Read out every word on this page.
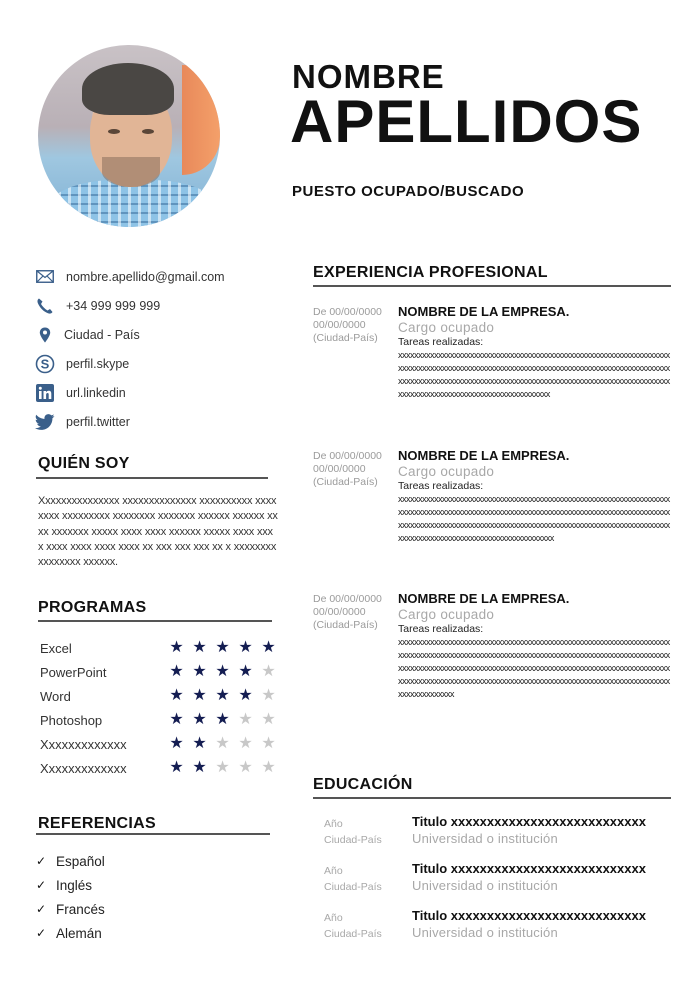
NOMBRE
APELLIDOS
PUESTO OCUPADO/BUSCADO
nombre.apellido@gmail.com
+34 999 999 999
Ciudad - País
S perfil.skype
url.linkedin
perfil.twitter
QUIÉN SOY
Xxxxxxxxxxxxxxx xxxxxxxxxxxxxx xxxxxxxxxx xxxxxxxx xxxxxxxxx xxxxxxxx xxxxxxx xxxxxx xxxxxx xxxx xxxxxxx xxxxx xxxx xxxx xxxxxx xxxxx xxxx xxxx xxxx xxxx xxxx xxxx xx xxx xxx xxx xx x xxxxxxxxxxxxxxxx xxxxxx.
PROGRAMAS
Excel	★ ★ ★ ★ ★
PowerPoint	★ ★ ★ ★ ★
Word	★ ★ ★ ★ ★
Photoshop	★ ★ ★ ★ ★
Xxxxxxxxxxxxx	★ ★ ★ ★ ★
Xxxxxxxxxxxxx	★ ★ ★ ★ ★
REFERENCIAS
✓ Español
✓ Inglés
✓ Francés
✓ Alemán
EXPERIENCIA PROFESIONAL
De 00/00/0000
00/00/0000
(Ciudad-País)
NOMBRE DE LA EMPRESA.
Cargo ocupado
Tareas realizadas:
xxxxxxxxxxxxxxxxxxxxxxxxxxxxxxxxxxxxxxxxxxxxxxxxxxxxxxxxxxxxxxxxxxxxxxxxxxxxxxxxxxxxxxxxxxxxxxxxxxxxxxxxxxxxxxxxxxxxxxxxxxxxxxxxxxxxxxxxxxxxxxxxxxxxxxxxxxxxxxxxxxxxxxxxxxxxxxxxxxxxxxxxxxxxxxxxxxxxxxxxxxxxxxxxxxxxxxxxxxxxxxxxxxxxxxxxxxxxxxxxxx
De 00/00/0000
00/00/0000
(Ciudad-País)
NOMBRE DE LA EMPRESA.
Cargo ocupado
Tareas realizadas:
xxxxxxxxxxxxxxxxxxxxxxxxxxxxxxxxxxxxxxxxxxxxxxxxxxxxxxxxxxxxxxxxxxxxxxxxxxxxxxxxxxxxxxxxxxxxxxxxxxxxxxxxxxxxxxxxxxxxxxxxxxxxxxxxxxxxxxxxxxxxxxxxxxxxxxxxxxxxxxxxxxxxxxxxxxxxxxxxxxxxxxxxxxxxxxxxxxxxxxxxxxxxxxxxxxxxxxxxxxxxxxxxxxxxxxxxxxxxxxxxxxx
De 00/00/0000
00/00/0000
(Ciudad-País)
NOMBRE DE LA EMPRESA.
Cargo ocupado
Tareas realizadas:
xxxxxxxxxxxxxxxxxxxxxxxxxxxxxxxxxxxxxxxxxxxxxxxxxxxxxxxxxxxxxxxxxxxxxxxxxxxxxxxxxxxxxxxxxxxxxxxxxxxxxxxxxxxxxxxxxxxxxxxxxxxxxxxxxxxxxxxxxxxxxxxxxxxxxxxxxxxxxxxxxxxxxxxxxxxxxxxxxxxxxxxxxxxxxxxxxxxxxxxxxxxxxxxxxxxxxxxxxxxxxxxxxxxxxxxxxxxxxxxxxxxxxxxxxxxxxxxxxxxxxxxxxxxxxxxxxxxxxxxxxxxxxx
EDUCACIÓN
Año
Ciudad-País
Titulo xxxxxxxxxxxxxxxxxxxxxxxxxxx
Universidad o institución
Año
Ciudad-País
Titulo xxxxxxxxxxxxxxxxxxxxxxxxxxx
Universidad o institución
Año
Ciudad-País
Titulo xxxxxxxxxxxxxxxxxxxxxxxxxxx
Universidad o institución
